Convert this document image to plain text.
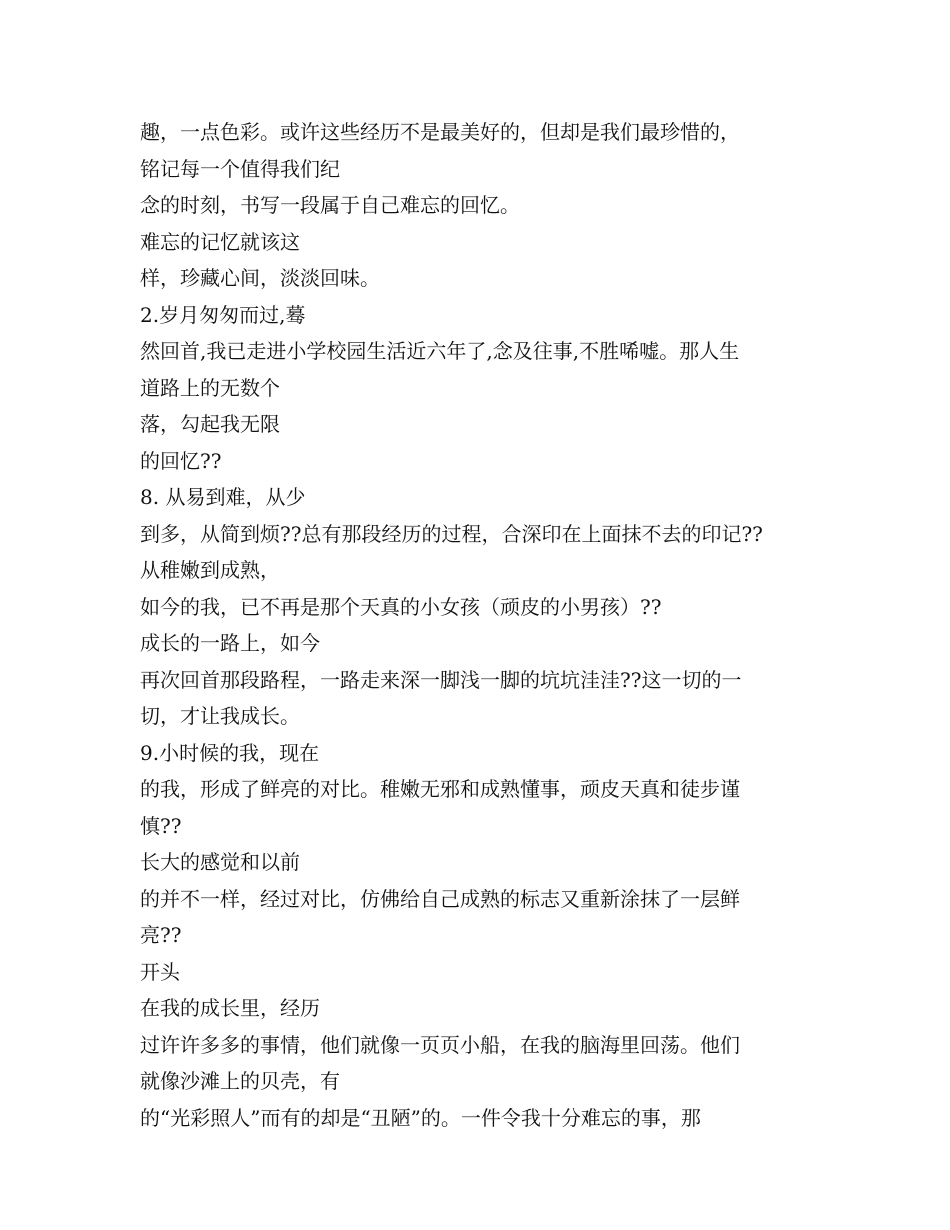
趣，一点色彩。或许这些经历不是最美好的，但却是我们最珍惜的，
铭记每一个值得我们纪
念的时刻，书写一段属于自己难忘的回忆。
难忘的记忆就该这
样，珍藏心间，淡淡回味。
2.岁月匆匆而过,蓦
然回首,我已走进小学校园生活近六年了,念及往事,不胜唏嘘。那人生
道路上的无数个
落，勾起我无限
的回忆??
8. 从易到难，从少
到多，从简到烦??总有那段经历的过程，合深印在上面抹不去的印记??
从稚嫩到成熟，
如今的我，已不再是那个天真的小女孩（顽皮的小男孩）??
成长的一路上，如今
再次回首那段路程，一路走来深一脚浅一脚的坑坑洼洼??这一切的一
切，才让我成长。
9.小时候的我，现在
的我，形成了鲜亮的对比。稚嫩无邪和成熟懂事，顽皮天真和徒步谨
慎??
长大的感觉和以前
的并不一样，经过对比，仿佛给自己成熟的标志又重新涂抹了一层鲜
亮??
开头
在我的成长里，经历
过许许多多的事情，他们就像一页页小船，在我的脑海里回荡。他们
就像沙滩上的贝壳，有
的“光彩照人”而有的却是“丑陋”的。一件令我十分难忘的事，那
